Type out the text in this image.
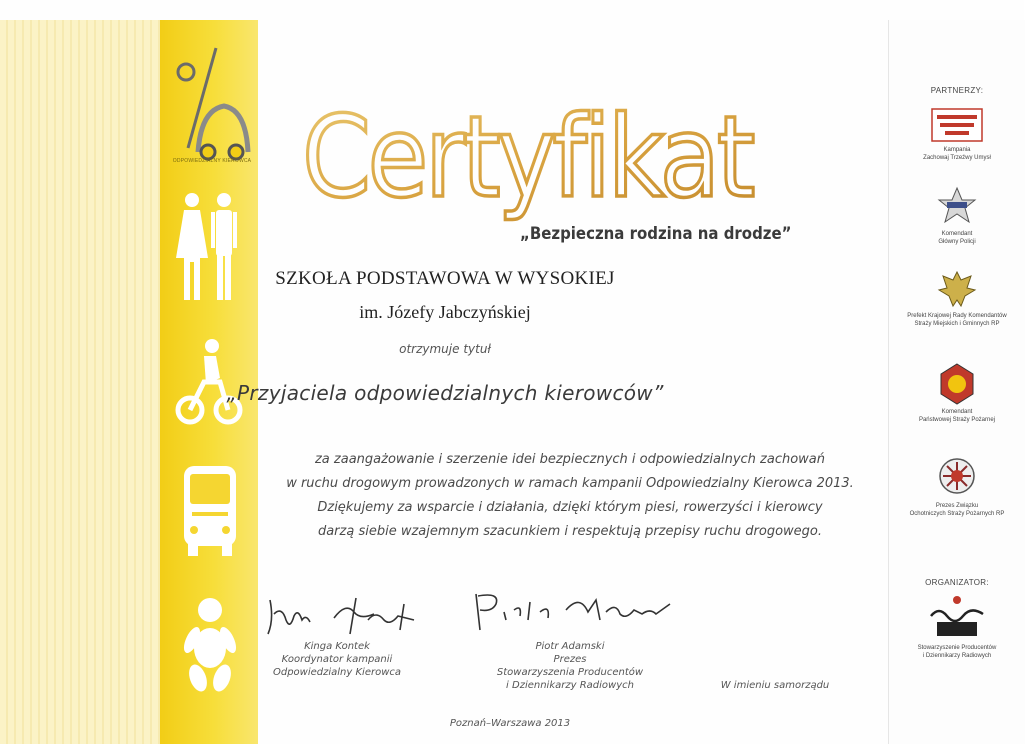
ODPOWIEDZIALNY KIEROWCA Certyfikat
„Bezpieczna rodzina na drodze”
SZKOŁA PODSTAWOWA W WYSOKIEJ
im. Józefy Jabczyńskiej
otrzymuje tytuł
„Przyjaciela odpowiedzialnych kierowców”
za zaangażowanie i szerzenie idei bezpiecznych i odpowiedzialnych zachowań
w ruchu drogowym prowadzonych w ramach kampanii Odpowiedzialny Kierowca 2013.
Dziękujemy za wsparcie i działania, dzięki którym piesi, rowerzyści i kierowcy
darzą siebie wzajemnym szacunkiem i respektują przepisy ruchu drogowego.
Kinga Kontek
Koordynator kampanii
Odpowiedzialny Kierowca
Piotr Adamski
Prezes
Stowarzyszenia Producentów
i Dziennikarzy Radiowych	W imieniu samorządu
Poznań–Warszawa 2013
PARTNERZY:
Kampania
Zachowaj Trzeźwy Umysł
Komendant
Główny Policji
Prefekt Krajowej Rady Komendantów
Straży Miejskich i Gminnych RP
Komendant
Państwowej Straży Pożarnej
Prezes Związku
Ochotniczych Straży Pożarnych RP
ORGANIZATOR:
Stowarzyszenie Producentów
i Dziennikarzy Radiowych
